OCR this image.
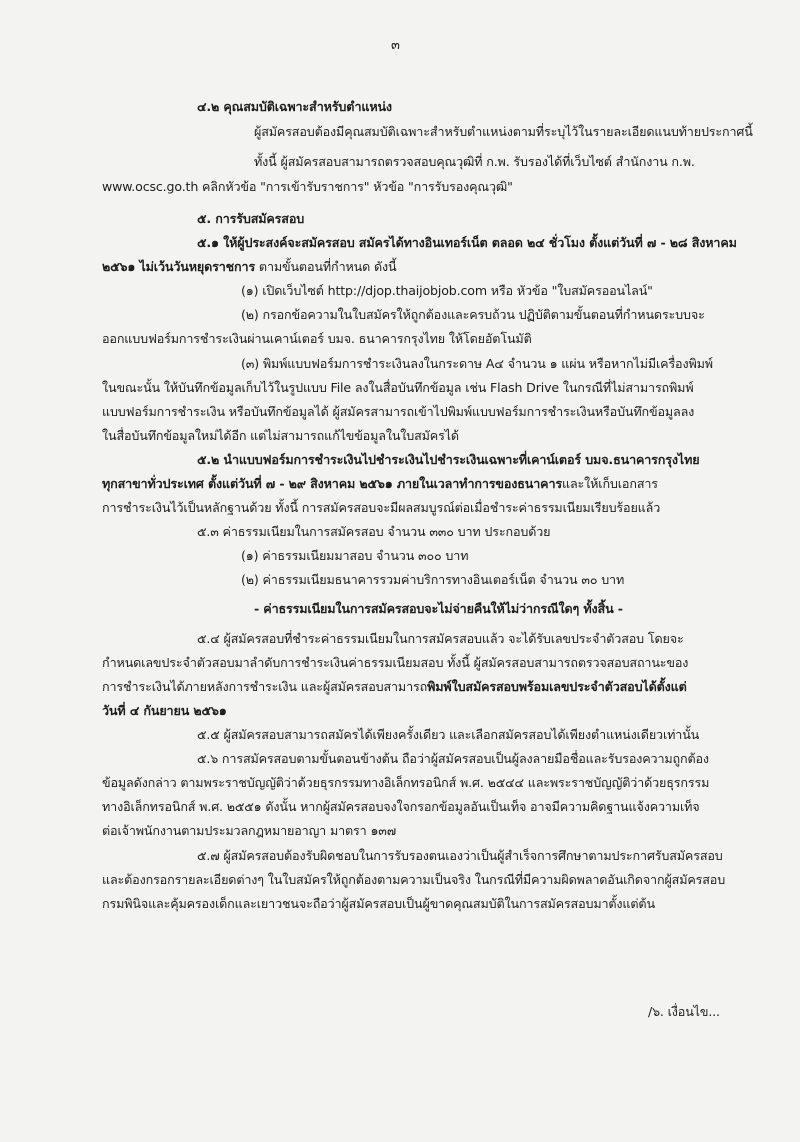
๓
๔.๒ คุณสมบัติเฉพาะสำหรับตำแหน่ง
ผู้สมัครสอบต้องมีคุณสมบัติเฉพาะสำหรับตำแหน่งตามที่ระบุไว้ในรายละเอียดแนบท้ายประกาศนี้
ทั้งนี้ ผู้สมัครสอบสามารถตรวจสอบคุณวุฒิที่ ก.พ. รับรองได้ที่เว็บไซต์ สำนักงาน ก.พ.
www.ocsc.go.th คลิกหัวข้อ "การเข้ารับราชการ" หัวข้อ "การรับรองคุณวุฒิ"
๕. การรับสมัครสอบ
๕.๑ ให้ผู้ประสงค์จะสมัครสอบ สมัครได้ทางอินเทอร์เน็ต ตลอด ๒๔ ชั่วโมง ตั้งแต่วันที่ ๗ - ๒๘ สิงหาคม
๒๕๖๑ ไม่เว้นวันหยุดราชการ ตามขั้นตอนที่กำหนด ดังนี้
(๑) เปิดเว็บไซต์ http://djop.thaijobjob.com หรือ หัวข้อ "ใบสมัครออนไลน์"
(๒) กรอกข้อความในใบสมัครให้ถูกต้องและครบถ้วน ปฏิบัติตามขั้นตอนที่กำหนดระบบจะ
ออกแบบฟอร์มการชำระเงินผ่านเคาน์เตอร์ บมจ. ธนาคารกรุงไทย ให้โดยอัตโนมัติ
(๓) พิมพ์แบบฟอร์มการชำระเงินลงในกระดาษ A๔ จำนวน ๑ แผ่น หรือหากไม่มีเครื่องพิมพ์
ในขณะนั้น ให้บันทึกข้อมูลเก็บไว้ในรูปแบบ File ลงในสื่อบันทึกข้อมูล เช่น Flash Drive ในกรณีที่ไม่สามารถพิมพ์
แบบฟอร์มการชำระเงิน หรือบันทึกข้อมูลได้ ผู้สมัครสามารถเข้าไปพิมพ์แบบฟอร์มการชำระเงินหรือบันทึกข้อมูลลง
ในสื่อบันทึกข้อมูลใหม่ได้อีก แต่ไม่สามารถแก้ไขข้อมูลในใบสมัครได้
๕.๒ นำแบบฟอร์มการชำระเงินไปชำระเงินไปชำระเงินเฉพาะที่เคาน์เตอร์ บมจ.ธนาคารกรุงไทย
ทุกสาขาทั่วประเทศ ตั้งแต่วันที่ ๗ - ๒๙ สิงหาคม ๒๕๖๑ ภายในเวลาทำการของธนาคารและให้เก็บเอกสาร
การชำระเงินไว้เป็นหลักฐานด้วย ทั้งนี้ การสมัครสอบจะมีผลสมบูรณ์ต่อเมื่อชำระค่าธรรมเนียมเรียบร้อยแล้ว
๕.๓ ค่าธรรมเนียมในการสมัครสอบ จำนวน ๓๓๐ บาท ประกอบด้วย
(๑) ค่าธรรมเนียมมาสอบ จำนวน ๓๐๐ บาท
(๒) ค่าธรรมเนียมธนาคารรวมค่าบริการทางอินเตอร์เน็ต จำนวน ๓๐ บาท
- ค่าธรรมเนียมในการสมัครสอบจะไม่จ่ายคืนให้ไม่ว่ากรณีใดๆ ทั้งสิ้น -
๕.๔ ผู้สมัครสอบที่ชำระค่าธรรมเนียมในการสมัครสอบแล้ว จะได้รับเลขประจำตัวสอบ โดยจะ
กำหนดเลขประจำตัวสอบมาลำดับการชำระเงินค่าธรรมเนียมสอบ ทั้งนี้ ผู้สมัครสอบสามารถตรวจสอบสถานะของ
การชำระเงินได้ภายหลังการชำระเงิน และผู้สมัครสอบสามารถพิมพ์ใบสมัครสอบพร้อมเลขประจำตัวสอบได้ตั้งแต่
วันที่ ๔ กันยายน ๒๕๖๑
๕.๕ ผู้สมัครสอบสามารถสมัครได้เพียงครั้งเดียว และเลือกสมัครสอบได้เพียงตำแหน่งเดียวเท่านั้น
๕.๖ การสมัครสอบตามขั้นตอนข้างต้น ถือว่าผู้สมัครสอบเป็นผู้ลงลายมือชื่อและรับรองความถูกต้อง
ข้อมูลดังกล่าว ตามพระราชบัญญัติว่าด้วยธุรกรรมทางอิเล็กทรอนิกส์ พ.ศ. ๒๕๔๔ และพระราชบัญญัติว่าด้วยธุรกรรม
ทางอิเล็กทรอนิกส์ พ.ศ. ๒๕๕๑ ดังนั้น หากผู้สมัครสอบจงใจกรอกข้อมูลอันเป็นเท็จ อาจมีความคิดฐานแจ้งความเท็จ
ต่อเจ้าพนักงานตามประมวลกฎหมายอาญา มาตรา ๑๓๗
๕.๗ ผู้สมัครสอบต้องรับผิดชอบในการรับรองตนเองว่าเป็นผู้สำเร็จการศึกษาตามประกาศรับสมัครสอบ
และต้องกรอกรายละเอียดต่างๆ ในใบสมัครให้ถูกต้องตามความเป็นจริง ในกรณีที่มีความผิดพลาดอันเกิดจากผู้สมัครสอบ
กรมพินิจและคุ้มครองเด็กและเยาวชนจะถือว่าผู้สมัครสอบเป็นผู้ขาดคุณสมบัติในการสมัครสอบมาตั้งแต่ต้น
/๖. เงื่อนไข...
